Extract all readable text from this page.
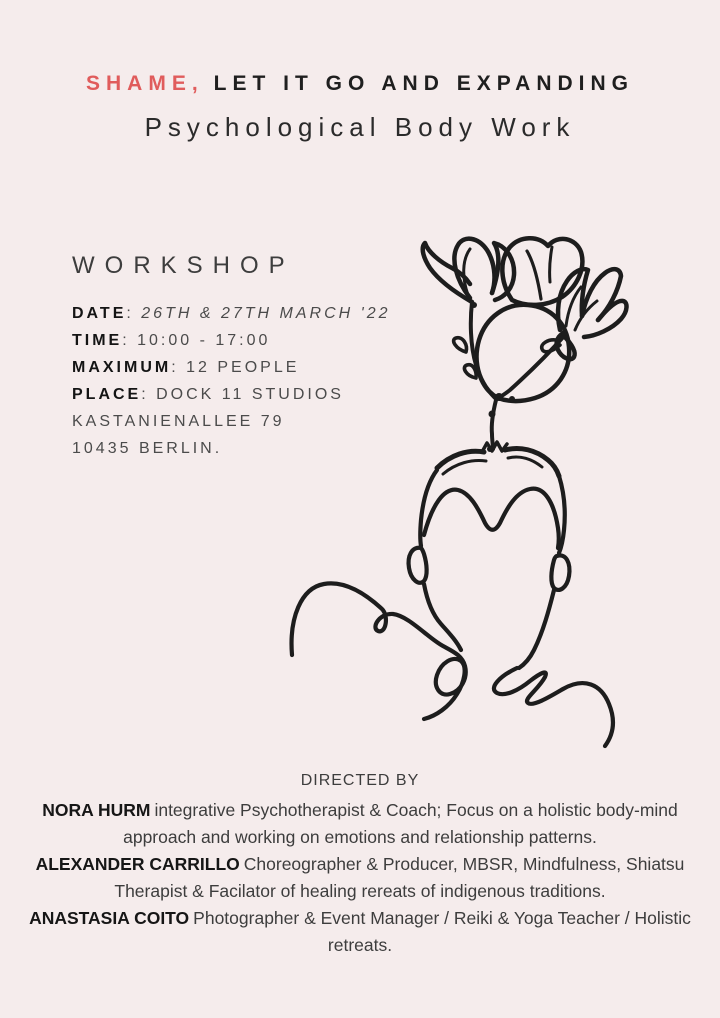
SHAME, LET IT GO AND EXPANDING
Psychological Body Work
WORKSHOP
DATE: 26TH & 27TH MARCH '22
TIME: 10:00 - 17:00
MAXIMUM: 12 PEOPLE
PLACE: DOCK 11 STUDIOS
KASTANIENALLEE 79
10435 BERLIN.
DIRECTED BY
NORA HURM integrative Psychotherapist & Coach; Focus on a holistic body-mind approach and working on emotions and relationship patterns.
ALEXANDER CARRILLO Choreographer & Producer, MBSR, Mindfulness, Shiatsu Therapist & Facilator of healing rereats of indigenous traditions.
ANASTASIA COITO Photographer & Event Manager / Reiki & Yoga Teacher / Holistic retreats.
